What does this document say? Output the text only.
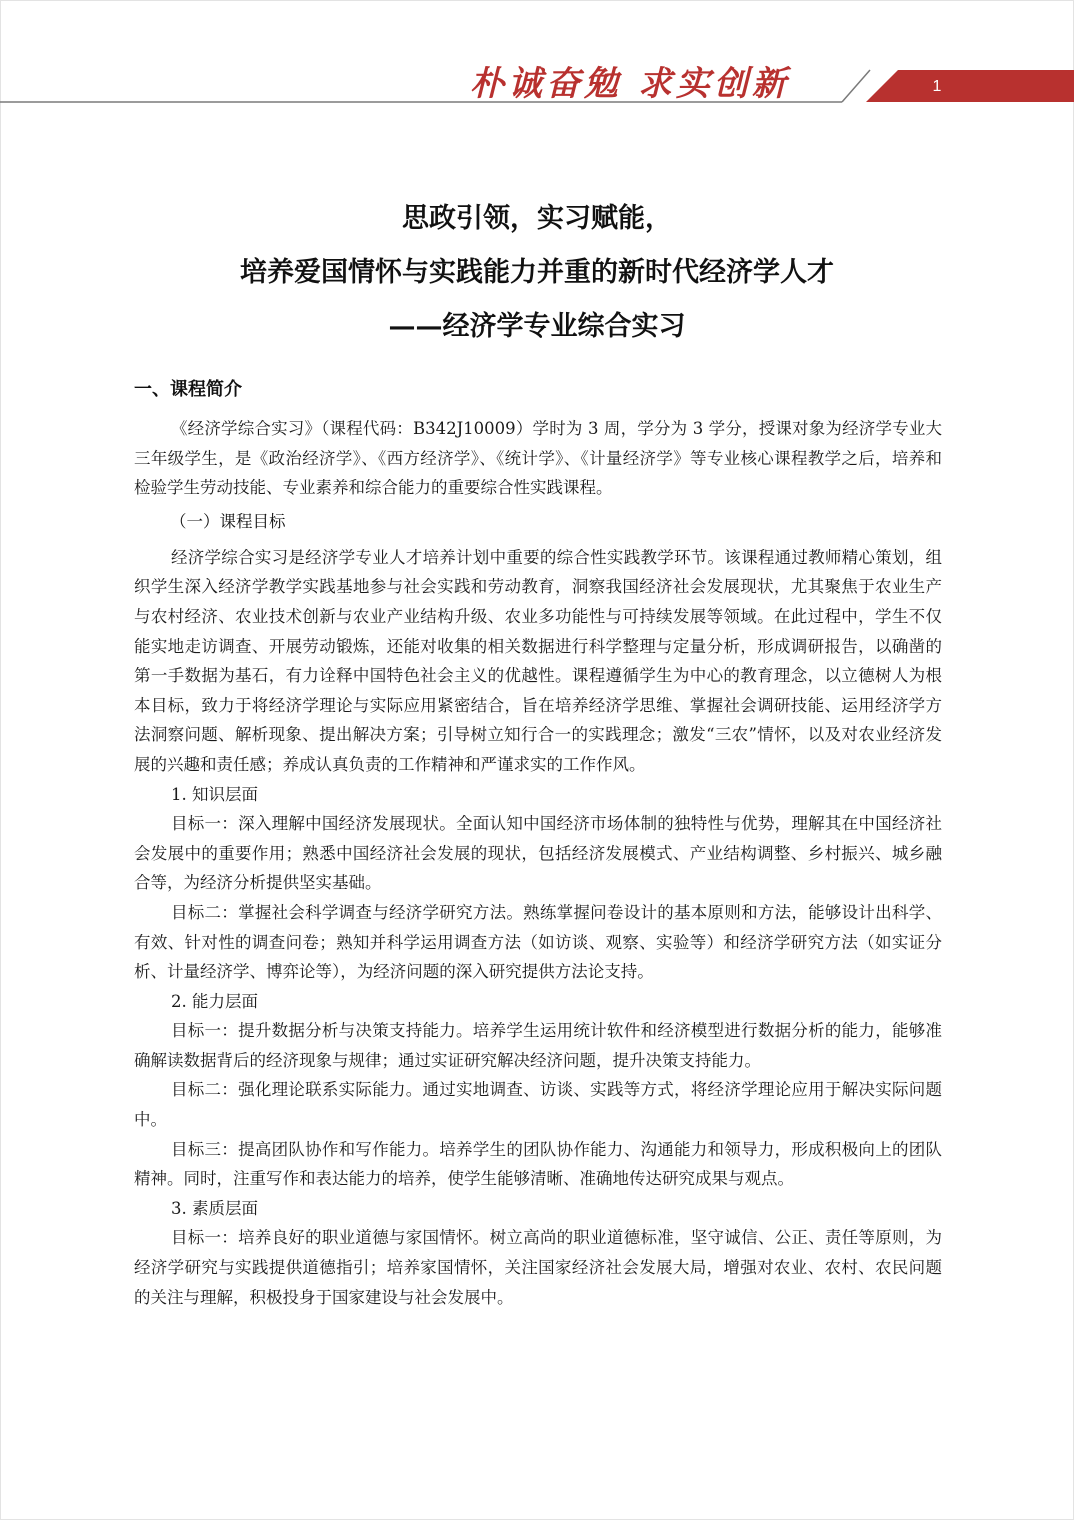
朴诚奋勉 求实创新	1
思政引领，实习赋能，
培养爱国情怀与实践能力并重的新时代经济学人才
——经济学专业综合实习
一、课程简介

《经济学综合实习》（课程代码：B342J10009）学时为 3 周，学分为 3 学分，授课对象为经济学专业大三年级学生，是《政治经济学》、《西方经济学》、《统计学》、《计量经济学》等专业核心课程教学之后，培养和检验学生劳动技能、专业素养和综合能力的重要综合性实践课程。

（一）课程目标

经济学综合实习是经济学专业人才培养计划中重要的综合性实践教学环节。该课程通过教师精心策划，组织学生深入经济学教学实践基地参与社会实践和劳动教育，洞察我国经济社会发展现状，尤其聚焦于农业生产与农村经济、农业技术创新与农业产业结构升级、农业多功能性与可持续发展等领域。在此过程中，学生不仅能实地走访调查、开展劳动锻炼，还能对收集的相关数据进行科学整理与定量分析，形成调研报告，以确凿的第一手数据为基石，有力诠释中国特色社会主义的优越性。课程遵循学生为中心的教育理念，以立德树人为根本目标，致力于将经济学理论与实际应用紧密结合，旨在培养经济学思维、掌握社会调研技能、运用经济学方法洞察问题、解析现象、提出解决方案；引导树立知行合一的实践理念；激发“三农”情怀，以及对农业经济发展的兴趣和责任感；养成认真负责的工作精神和严谨求实的工作作风。

1. 知识层面

目标一：深入理解中国经济发展现状。全面认知中国经济市场体制的独特性与优势，理解其在中国经济社会发展中的重要作用；熟悉中国经济社会发展的现状，包括经济发展模式、产业结构调整、乡村振兴、城乡融合等，为经济分析提供坚实基础。

目标二：掌握社会科学调查与经济学研究方法。熟练掌握问卷设计的基本原则和方法，能够设计出科学、有效、针对性的调查问卷；熟知并科学运用调查方法（如访谈、观察、实验等）和经济学研究方法（如实证分析、计量经济学、博弈论等），为经济问题的深入研究提供方法论支持。

2. 能力层面

目标一：提升数据分析与决策支持能力。培养学生运用统计软件和经济模型进行数据分析的能力，能够准确解读数据背后的经济现象与规律；通过实证研究解决经济问题，提升决策支持能力。

目标二：强化理论联系实际能力。通过实地调查、访谈、实践等方式，将经济学理论应用于解决实际问题中。

目标三：提高团队协作和写作能力。培养学生的团队协作能力、沟通能力和领导力，形成积极向上的团队精神。同时，注重写作和表达能力的培养，使学生能够清晰、准确地传达研究成果与观点。

3. 素质层面

目标一：培养良好的职业道德与家国情怀。树立高尚的职业道德标准，坚守诚信、公正、责任等原则，为经济学研究与实践提供道德指引；培养家国情怀，关注国家经济社会发展大局，增强对农业、农村、农民问题的关注与理解，积极投身于国家建设与社会发展中。
